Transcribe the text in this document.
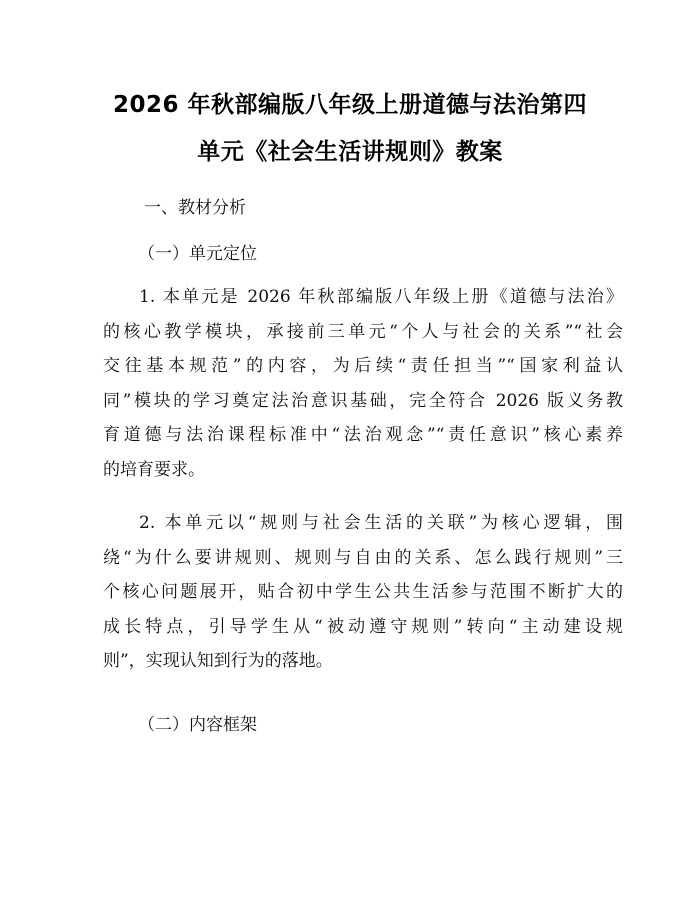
2026 年秋部编版八年级上册道德与法治第四
单元《社会生活讲规则》教案
一、教材分析
（一）单元定位
1. 本单元是 2026 年秋部编版八年级上册《道德与法治》
的核心教学模块，承接前三单元“个人与社会的关系”“社会
交往基本规范”的内容，为后续“责任担当”“国家利益认
同”模块的学习奠定法治意识基础，完全符合 2026 版义务教
育道德与法治课程标准中“法治观念”“责任意识”核心素养
的培育要求。
2. 本单元以“规则与社会生活的关联”为核心逻辑，围
绕“为什么要讲规则、规则与自由的关系、怎么践行规则”三
个核心问题展开，贴合初中学生公共生活参与范围不断扩大的
成长特点，引导学生从“被动遵守规则”转向“主动建设规
则”，实现认知到行为的落地。
（二）内容框架
